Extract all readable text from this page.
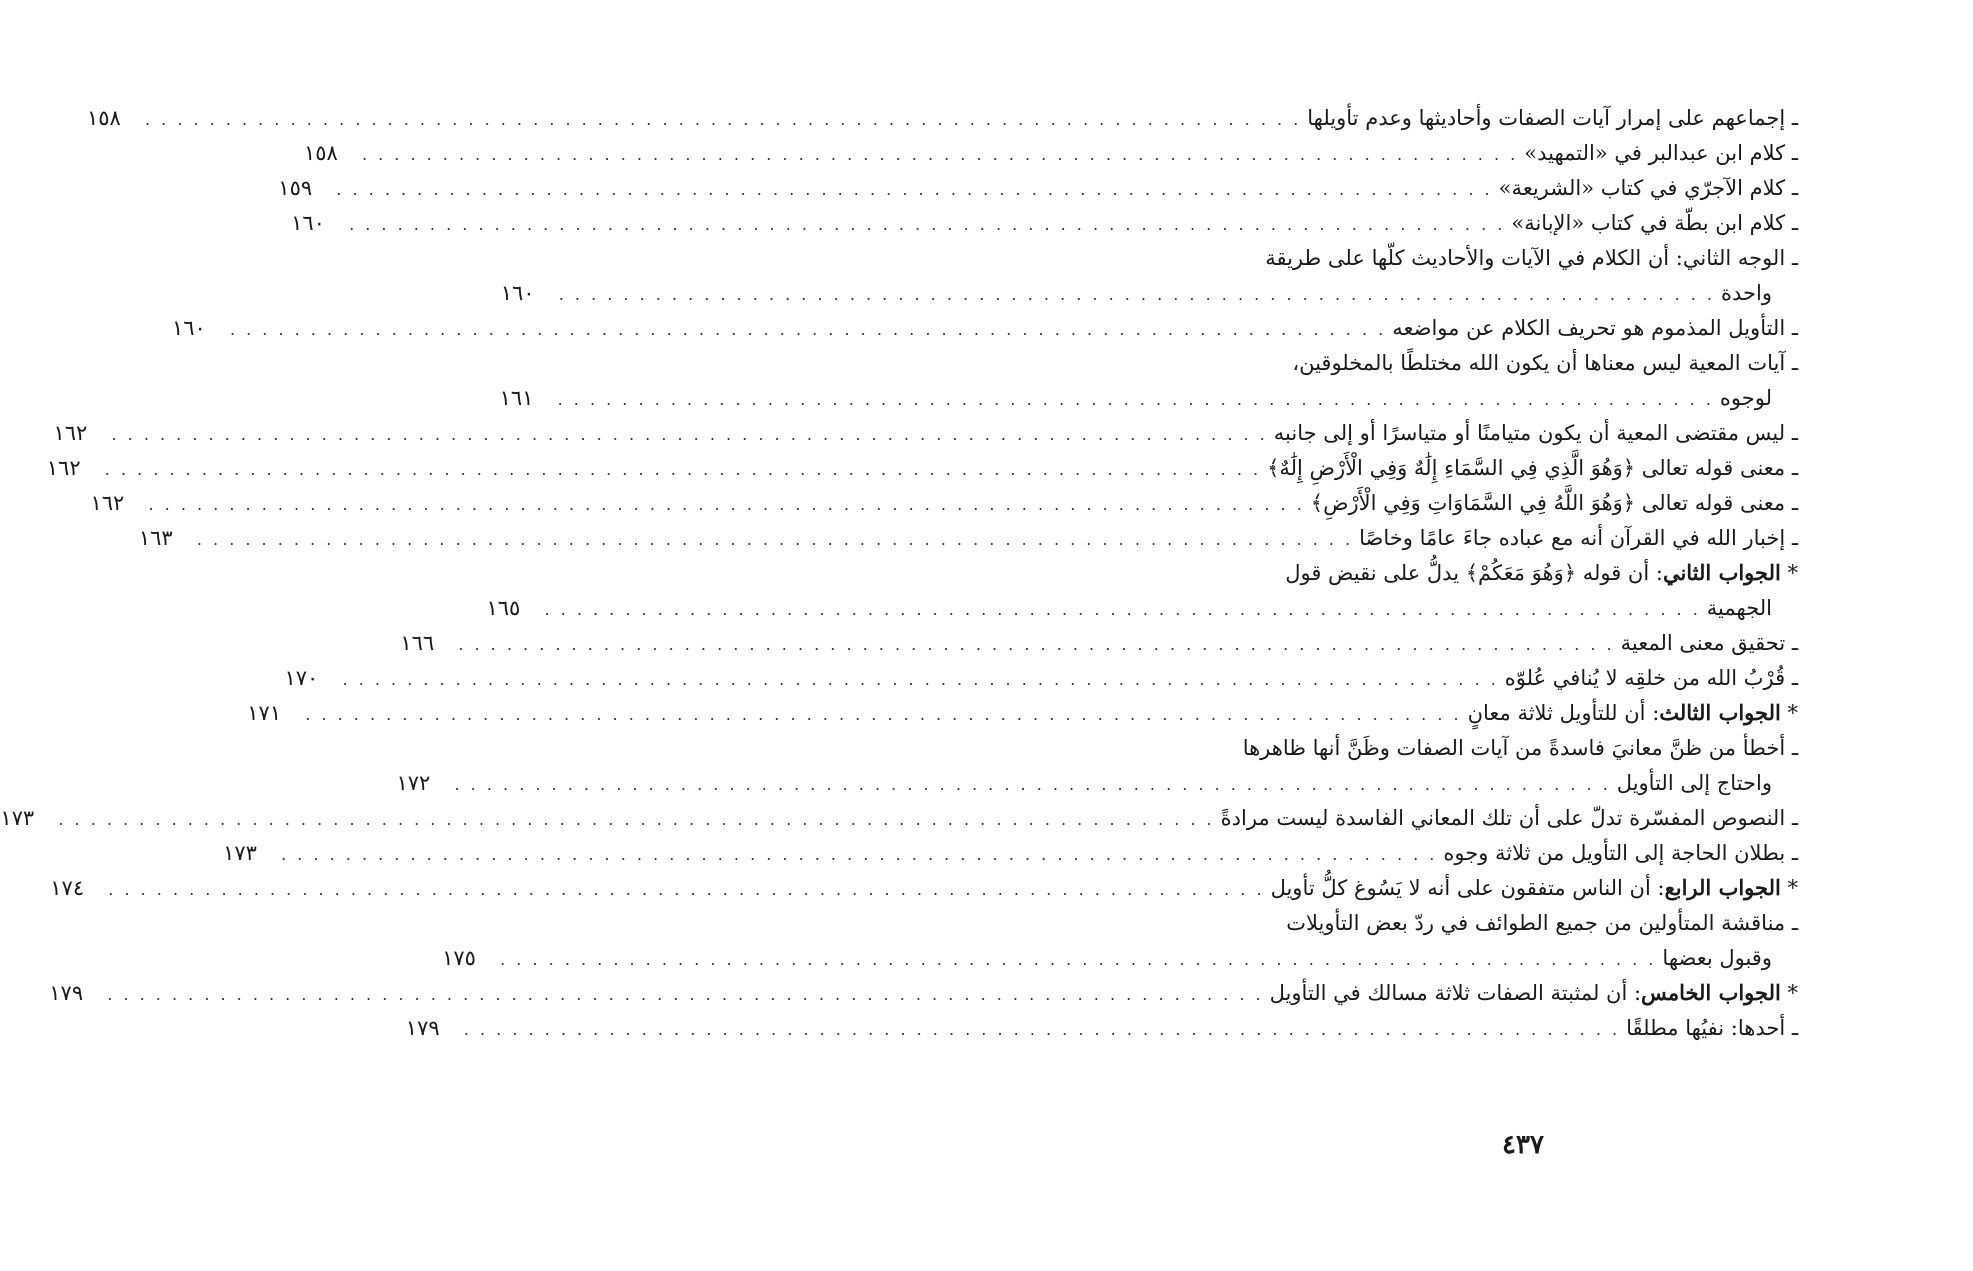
ـ إجماعهم على إمرار آيات الصفات وأحاديثها وعدم تأويلها
. . . . . . . . . . . . . . . . . . . . . . . . . . . . . . . . . . . . . . . . . . . . . . . . . . . . . . . . . . . . . . . . . . . . . . . .
١٥٨
ـ كلام ابن عبدالبر في «التمهيد»
. . . . . . . . . . . . . . . . . . . . . . . . . . . . . . . . . . . . . . . . . . . . . . . . . . . . . . . . . . . . . . . . . . . . . . . .
١٥٨
ـ كلام الآجرّي في كتاب «الشريعة»
. . . . . . . . . . . . . . . . . . . . . . . . . . . . . . . . . . . . . . . . . . . . . . . . . . . . . . . . . . . . . . . . . . . . . . . .
١٥٩
ـ كلام ابن بطّة في كتاب «الإبانة»
. . . . . . . . . . . . . . . . . . . . . . . . . . . . . . . . . . . . . . . . . . . . . . . . . . . . . . . . . . . . . . . . . . . . . . . .
١٦٠
ـ الوجه الثاني: أن الكلام في الآيات والأحاديث كلّها على طريقة
واحدة
. . . . . . . . . . . . . . . . . . . . . . . . . . . . . . . . . . . . . . . . . . . . . . . . . . . . . . . . . . . . . . . . . . . . . . . .
١٦٠
ـ التأويل المذموم هو تحريف الكلام عن مواضعه
. . . . . . . . . . . . . . . . . . . . . . . . . . . . . . . . . . . . . . . . . . . . . . . . . . . . . . . . . . . . . . . . . . . . . . . .
١٦٠
ـ آيات المعية ليس معناها أن يكون الله مختلطًا بالمخلوقين،
لوجوه
. . . . . . . . . . . . . . . . . . . . . . . . . . . . . . . . . . . . . . . . . . . . . . . . . . . . . . . . . . . . . . . . . . . . . . . .
١٦١
ـ ليس مقتضى المعية أن يكون متيامنًا أو متياسرًا أو إلى جانبه
. . . . . . . . . . . . . . . . . . . . . . . . . . . . . . . . . . . . . . . . . . . . . . . . . . . . . . . . . . . . . . . . . . . . . . . .
١٦٢
ـ معنى قوله تعالى ﴿وَهُوَ الَّذِي فِي السَّمَاءِ إِلَٰهٌ وَفِي الْأَرْضِ إِلَٰهٌ﴾
. . . . . . . . . . . . . . . . . . . . . . . . . . . . . . . . . . . . . . . . . . . . . . . . . . . . . . . . . . . . . . . . . . . . . . . .
١٦٢
ـ معنى قوله تعالى ﴿وَهُوَ اللَّهُ فِي السَّمَاوَاتِ وَفِي الْأَرْضِ﴾
. . . . . . . . . . . . . . . . . . . . . . . . . . . . . . . . . . . . . . . . . . . . . . . . . . . . . . . . . . . . . . . . . . . . . . . .
١٦٢
ـ إخبار الله في القرآن أنه مع عباده جاءَ عامًا وخاصًا
. . . . . . . . . . . . . . . . . . . . . . . . . . . . . . . . . . . . . . . . . . . . . . . . . . . . . . . . . . . . . . . . . . . . . . . .
١٦٣
* الجواب الثاني: أن قوله ﴿وَهُوَ مَعَكُمْ﴾ يدلُّ على نقيض قول
الجهمية
. . . . . . . . . . . . . . . . . . . . . . . . . . . . . . . . . . . . . . . . . . . . . . . . . . . . . . . . . . . . . . . . . . . . . . . .
١٦٥
ـ تحقيق معنى المعية
. . . . . . . . . . . . . . . . . . . . . . . . . . . . . . . . . . . . . . . . . . . . . . . . . . . . . . . . . . . . . . . . . . . . . . . .
١٦٦
ـ قُرْبُ الله من خلقِه لا يُنافي عُلوّه
. . . . . . . . . . . . . . . . . . . . . . . . . . . . . . . . . . . . . . . . . . . . . . . . . . . . . . . . . . . . . . . . . . . . . . . .
١٧٠
* الجواب الثالث: أن للتأويل ثلاثة معانٍ
. . . . . . . . . . . . . . . . . . . . . . . . . . . . . . . . . . . . . . . . . . . . . . . . . . . . . . . . . . . . . . . . . . . . . . . .
١٧١
ـ أخطأ من ظنَّ معانيَ فاسدةً من آيات الصفات وظَنَّ أنها ظاهرها
واحتاج إلى التأويل
. . . . . . . . . . . . . . . . . . . . . . . . . . . . . . . . . . . . . . . . . . . . . . . . . . . . . . . . . . . . . . . . . . . . . . . .
١٧٢
ـ النصوص المفسّرة تدلّ على أن تلك المعاني الفاسدة ليست مرادةً
. . . . . . . . . . . . . . . . . . . . . . . . . . . . . . . . . . . . . . . . . . . . . . . . . . . . . . . . . . . . . . . . . . . . . . . .
١٧٣
ـ بطلان الحاجة إلى التأويل من ثلاثة وجوه
. . . . . . . . . . . . . . . . . . . . . . . . . . . . . . . . . . . . . . . . . . . . . . . . . . . . . . . . . . . . . . . . . . . . . . . .
١٧٣
* الجواب الرابع: أن الناس متفقون على أنه لا يَسُوغ كلُّ تأويل
. . . . . . . . . . . . . . . . . . . . . . . . . . . . . . . . . . . . . . . . . . . . . . . . . . . . . . . . . . . . . . . . . . . . . . . .
١٧٤
ـ مناقشة المتأولين من جميع الطوائف في ردّ بعض التأويلات
وقبول بعضها
. . . . . . . . . . . . . . . . . . . . . . . . . . . . . . . . . . . . . . . . . . . . . . . . . . . . . . . . . . . . . . . . . . . . . . . .
١٧٥
* الجواب الخامس: أن لمثبتة الصفات ثلاثة مسالك في التأويل
. . . . . . . . . . . . . . . . . . . . . . . . . . . . . . . . . . . . . . . . . . . . . . . . . . . . . . . . . . . . . . . . . . . . . . . .
١٧٩
ـ أحدها: نفيُها مطلقًا
. . . . . . . . . . . . . . . . . . . . . . . . . . . . . . . . . . . . . . . . . . . . . . . . . . . . . . . . . . . . . . . . . . . . . . . .
١٧٩
٤٣٧
